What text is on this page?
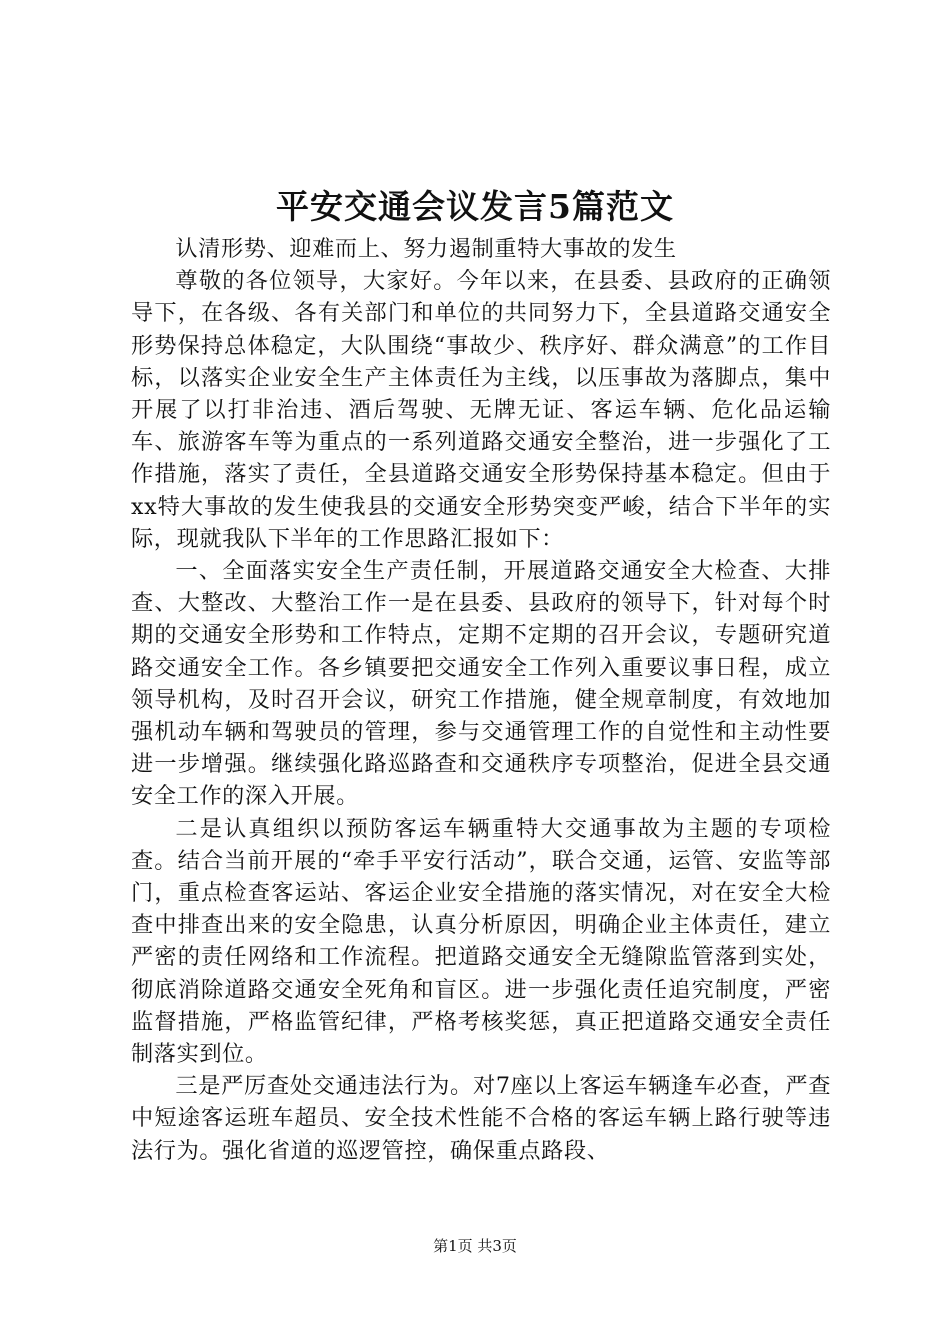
平安交通会议发言5篇范文

认清形势、迎难而上、努力遏制重特大事故的发生

尊敬的各位领导，大家好。今年以来，在县委、县政府的正确领导下，在各级、各有关部门和单位的共同努力下，全县道路交通安全形势保持总体稳定，大队围绕“事故少、秩序好、群众满意”的工作目标，以落实企业安全生产主体责任为主线，以压事故为落脚点，集中开展了以打非治违、酒后驾驶、无牌无证、客运车辆、危化品运输车、旅游客车等为重点的一系列道路交通安全整治，进一步强化了工作措施，落实了责任，全县道路交通安全形势保持基本稳定。但由于xx特大事故的发生使我县的交通安全形势突变严峻，结合下半年的实际，现就我队下半年的工作思路汇报如下：

一、全面落实安全生产责任制，开展道路交通安全大检查、大排查、大整改、大整治工作一是在县委、县政府的领导下，针对每个时期的交通安全形势和工作特点，定期不定期的召开会议，专题研究道路交通安全工作。各乡镇要把交通安全工作列入重要议事日程，成立领导机构，及时召开会议，研究工作措施，健全规章制度，有效地加强机动车辆和驾驶员的管理，参与交通管理工作的自觉性和主动性要进一步增强。继续强化路巡路查和交通秩序专项整治，促进全县交通安全工作的深入开展。

二是认真组织以预防客运车辆重特大交通事故为主题的专项检查。结合当前开展的“牵手平安行活动”，联合交通，运管、安监等部门，重点检查客运站、客运企业安全措施的落实情况，对在安全大检查中排查出来的安全隐患，认真分析原因，明确企业主体责任，建立严密的责任网络和工作流程。把道路交通安全无缝隙监管落到实处，彻底消除道路交通安全死角和盲区。进一步强化责任追究制度，严密监督措施，严格监管纪律，严格考核奖惩，真正把道路交通安全责任制落实到位。

三是严厉查处交通违法行为。对7座以上客运车辆逢车必查，严查中短途客运班车超员、安全技术性能不合格的客运车辆上路行驶等违法行为。强化省道的巡逻管控，确保重点路段、

第1页 共3页
